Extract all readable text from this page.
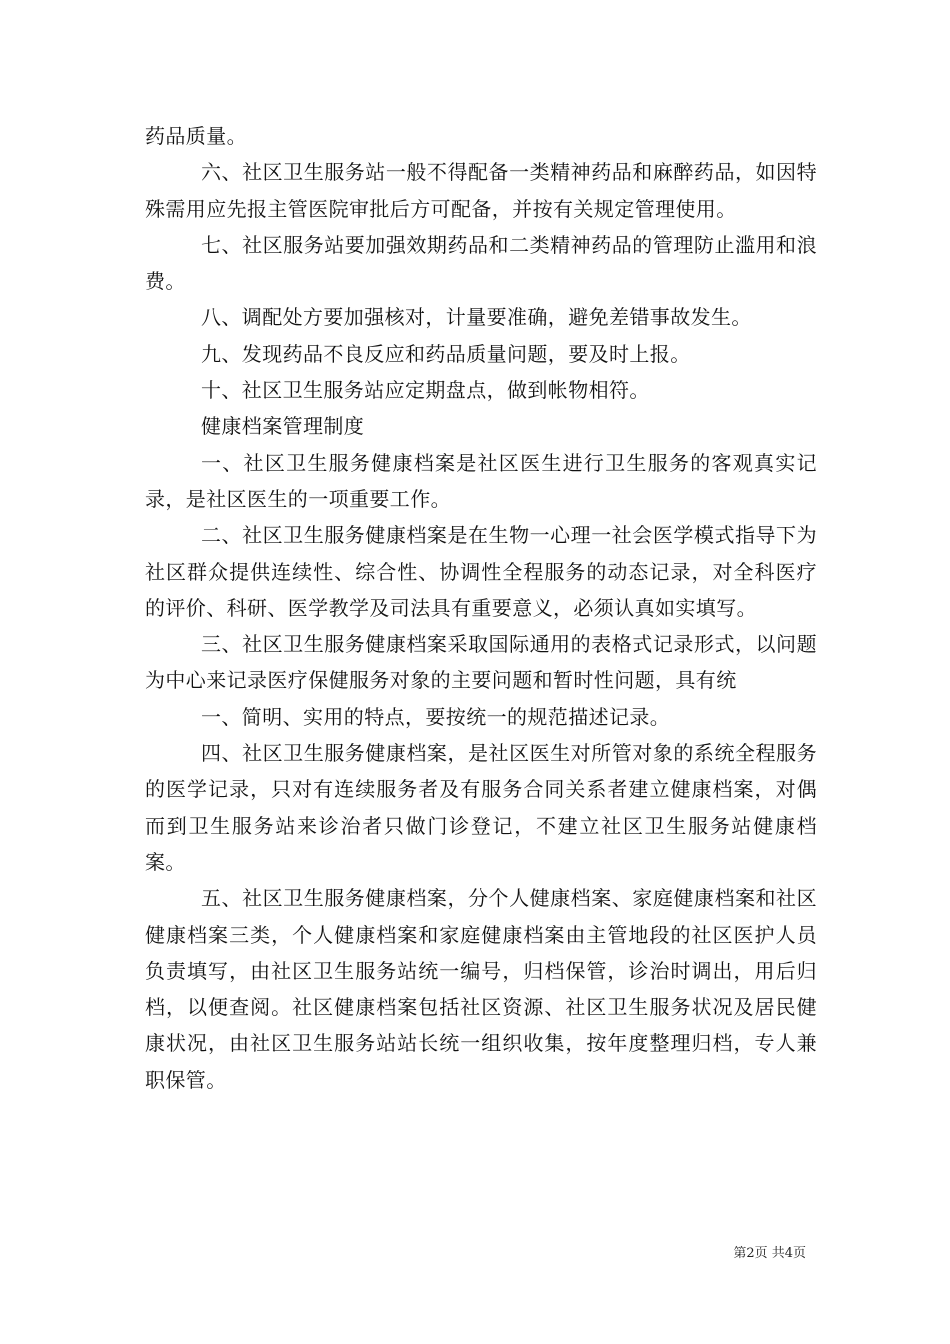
药品质量。

六、社区卫生服务站一般不得配备一类精神药品和麻醉药品，如因特殊需用应先报主管医院审批后方可配备，并按有关规定管理使用。

七、社区服务站要加强效期药品和二类精神药品的管理防止滥用和浪费。

八、调配处方要加强核对，计量要准确，避免差错事故发生。

九、发现药品不良反应和药品质量问题，要及时上报。

十、社区卫生服务站应定期盘点，做到帐物相符。

健康档案管理制度

一、社区卫生服务健康档案是社区医生进行卫生服务的客观真实记录，是社区医生的一项重要工作。

二、社区卫生服务健康档案是在生物一心理一社会医学模式指导下为社区群众提供连续性、综合性、协调性全程服务的动态记录，对全科医疗的评价、科研、医学教学及司法具有重要意义，必须认真如实填写。

三、社区卫生服务健康档案采取国际通用的表格式记录形式，以问题为中心来记录医疗保健服务对象的主要问题和暂时性问题，具有统

一、简明、实用的特点，要按统一的规范描述记录。

四、社区卫生服务健康档案，是社区医生对所管对象的系统全程服务的医学记录，只对有连续服务者及有服务合同关系者建立健康档案，对偶而到卫生服务站来诊治者只做门诊登记，不建立社区卫生服务站健康档案。

五、社区卫生服务健康档案，分个人健康档案、家庭健康档案和社区健康档案三类，个人健康档案和家庭健康档案由主管地段的社区医护人员负责填写，由社区卫生服务站统一编号，归档保管，诊治时调出，用后归档，以便查阅。社区健康档案包括社区资源、社区卫生服务状况及居民健康状况，由社区卫生服务站站长统一组织收集，按年度整理归档，专人兼职保管。

第2页 共4页
